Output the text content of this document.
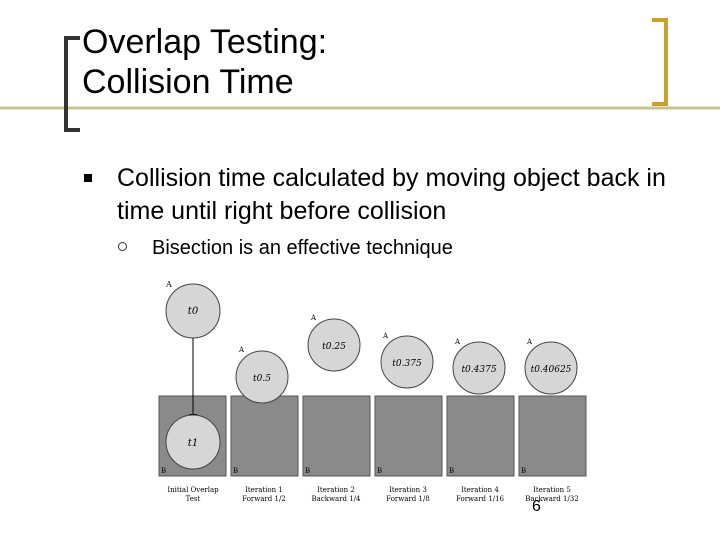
Overlap Testing:
Collision Time
Collision time calculated by moving object back in time until right before collision
Bisection is an effective technique
A
t0
t1
B
A
t0.5
B
A
t0.25
B
A
t0.375
B
A
t0.4375
B
A
t0.40625
B
Initial Overlap
Test
Iteration 1
Forward 1/2
Iteration 2
Backward 1/4
Iteration 3
Forward 1/8
Iteration 4
Forward 1/16
Iteration 5
Backward 1/32
6
